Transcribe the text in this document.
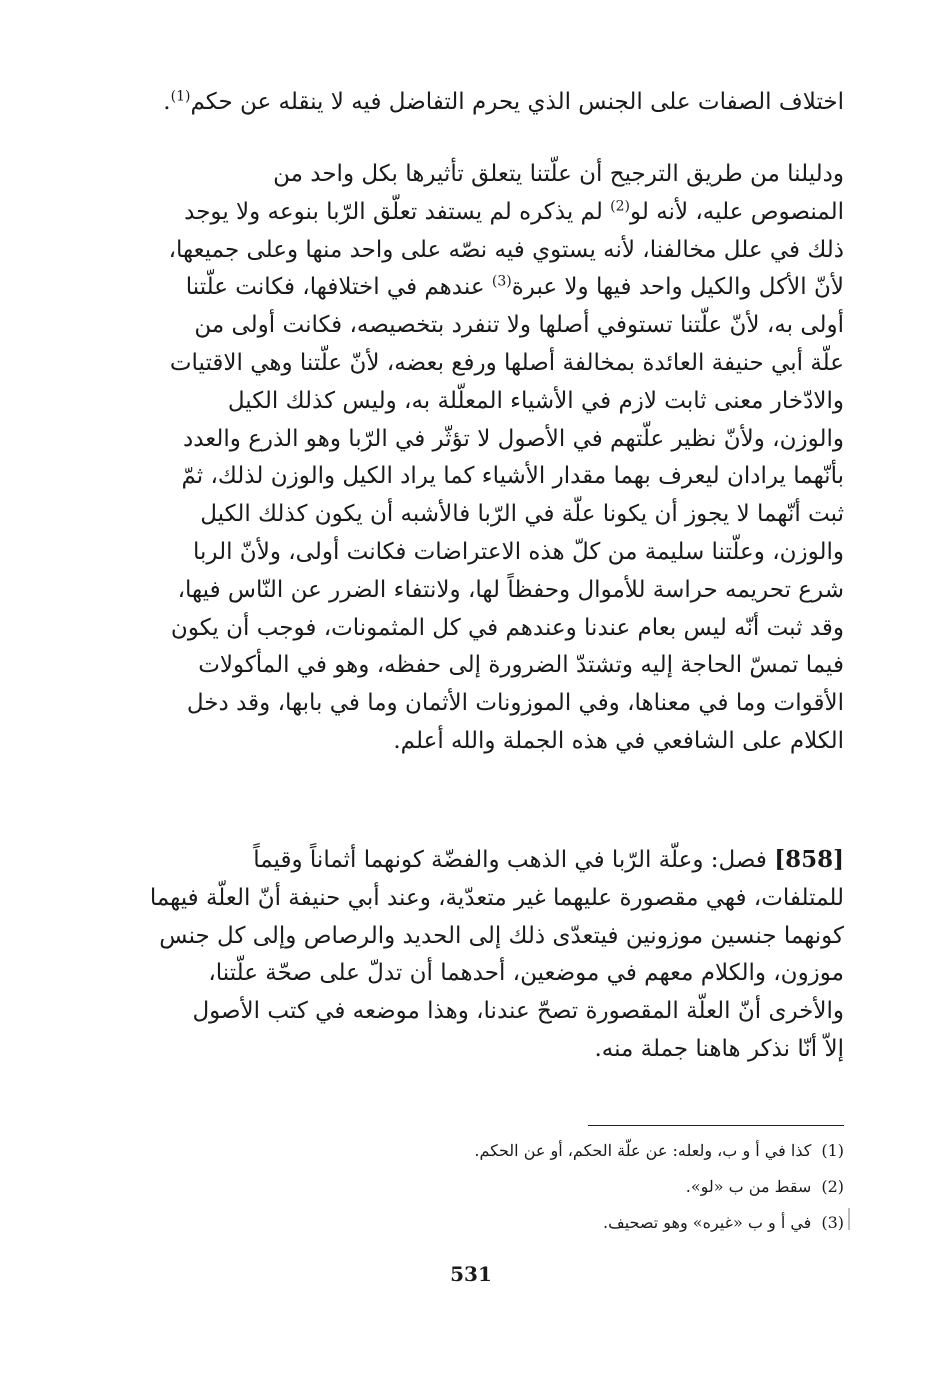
اختلاف الصفات على الجنس الذي يحرم التفاضل فيه لا ينقله عن حكم$^{(1)}$.
ودليلنا من طريق الترجيح أن علّتنا يتعلق تأثيرها بكل واحد من
المنصوص عليه، لأنه لو$^{(2)}$ لم يذكره لم يستفد تعلّق الرّبا بنوعه ولا يوجد
ذلك في علل مخالفنا، لأنه يستوي فيه نصّه على واحد منها وعلى جميعها،
لأنّ الأكل والكيل واحد فيها ولا عبرة$^{(3)}$ عندهم في اختلافها، فكانت علّتنا
أولى به، لأنّ علّتنا تستوفي أصلها ولا تنفرد بتخصيصه، فكانت أولى من
علّة أبي حنيفة العائدة بمخالفة أصلها ورفع بعضه، لأنّ علّتنا وهي الاقتيات
والادّخار معنى ثابت لازم في الأشياء المعلّلة به، وليس كذلك الكيل
والوزن، ولأنّ نظير علّتهم في الأصول لا تؤثّر في الرّبا وهو الذرع والعدد
بأنّهما يرادان ليعرف بهما مقدار الأشياء كما يراد الكيل والوزن لذلك، ثمّ
ثبت أنّهما لا يجوز أن يكونا علّة في الرّبا فالأشبه أن يكون كذلك الكيل
والوزن، وعلّتنا سليمة من كلّ هذه الاعتراضات فكانت أولى، ولأنّ الربا
شرع تحريمه حراسة للأموال وحفظاً لها، ولانتفاء الضرر عن النّاس فيها،
وقد ثبت أنّه ليس بعام عندنا وعندهم في كل المثمونات، فوجب أن يكون
فيما تمسّ الحاجة إليه وتشتدّ الضرورة إلى حفظه، وهو في المأكولات
الأقوات وما في معناها، وفي الموزونات الأثمان وما في بابها، وقد دخل
الكلام على الشافعي في هذه الجملة والله أعلم.
[858] فصل: وعلّة الرّبا في الذهب والفضّة كونهما أثماناً وقيماً
للمتلفات، فهي مقصورة عليهما غير متعدّية، وعند أبي حنيفة أنّ العلّة فيهما
كونهما جنسين موزونين فيتعدّى ذلك إلى الحديد والرصاص وإلى كل جنس
موزون، والكلام معهم في موضعين، أحدهما أن تدلّ على صحّة علّتنا،
والأخرى أنّ العلّة المقصورة تصحّ عندنا، وهذا موضعه في كتب الأصول
إلاّ أنّا نذكر هاهنا جملة منه.
(1)كذا في أ و ب، ولعله: عن علّة الحكم، أو عن الحكم.
(2)سقط من ب «لو».
(3)في أ و ب «غيره» وهو تصحيف.
531
